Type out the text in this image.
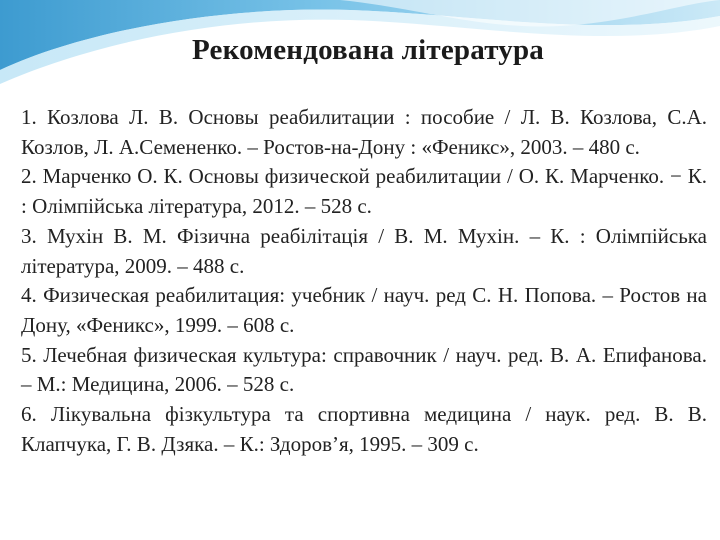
Рекомендована література
1. Козлова Л. В. Основы реабилитации : пособие / Л. В. Козлова, С.А. Козлов, Л. А.Семененко. – Ростов-на-Дону : «Феникс», 2003. – 480 с.
2. Марченко О. К. Основы физической реабилитации / О. К. Марченко. − К. : Олімпійська література, 2012. – 528 с.
3. Мухін В. М. Фізична реабілітація / В. М. Мухін. – К. : Олімпійська література, 2009. – 488 с.
4. Физическая реабилитация: учебник / науч. ред С. Н. Попова. – Ростов на Дону, «Феникс», 1999. – 608 с.
5. Лечебная физическая культура: справочник / науч. ред. В. А. Епифанова. – М.: Медицина, 2006. – 528 с.
6. Лікувальна фізкультура та спортивна медицина / наук. ред. В. В. Клапчука, Г. В. Дзяка. – К.: Здоров’я, 1995. – 309 с.
